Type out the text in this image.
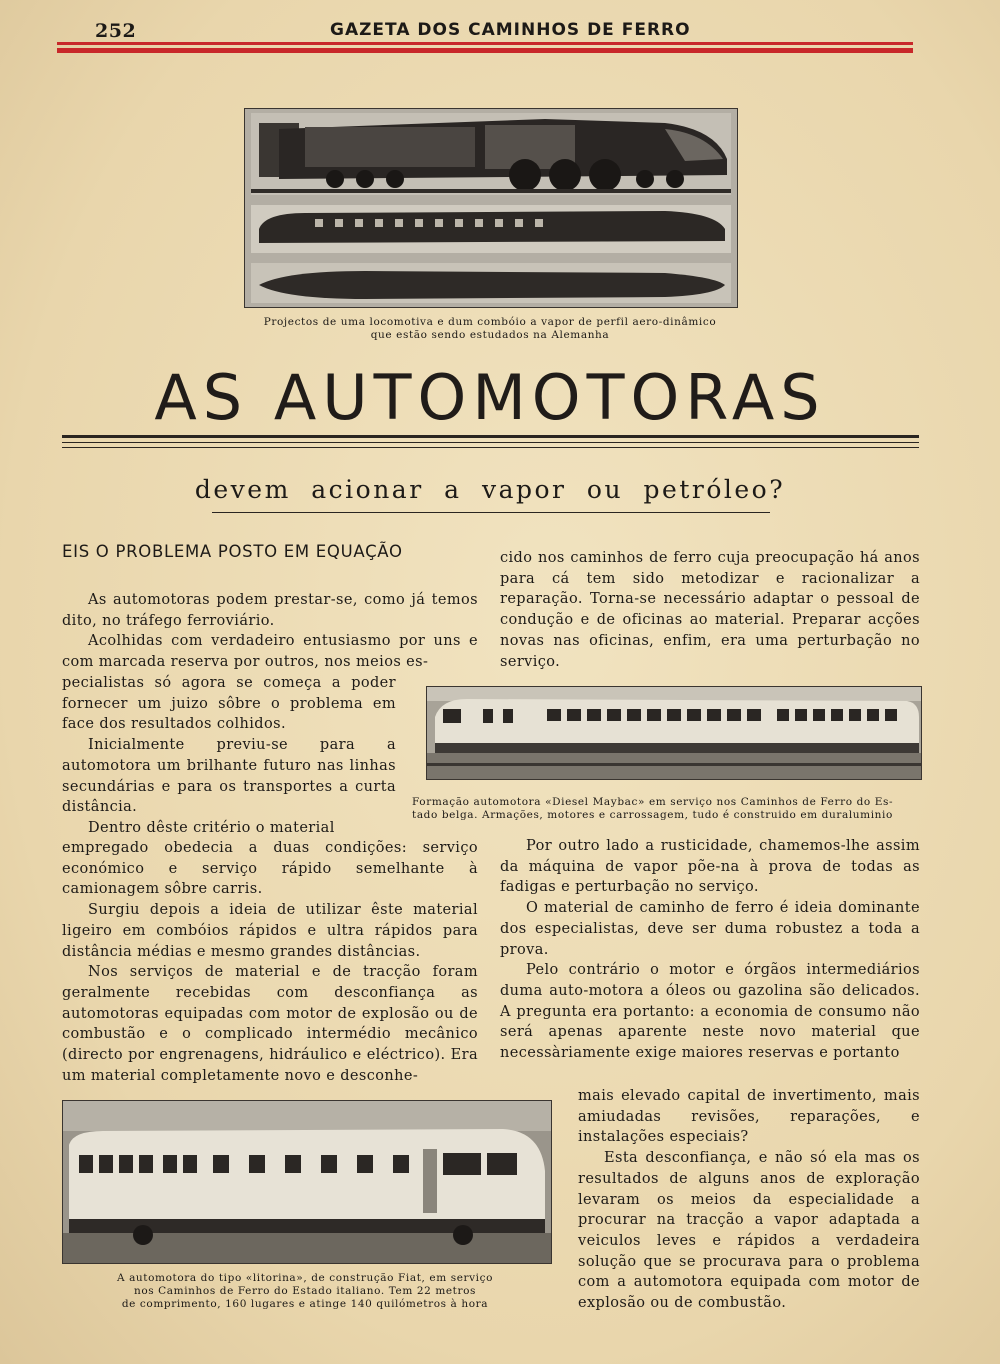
252	GAZETA DOS CAMINHOS DE FERRO
Projectos de uma locomotiva e dum combóio a vapor de perfil aero-dinâmico
que estão sendo estudados na Alemanha
AS AUTOMOTORAS
devem acionar a vapor ou petróleo?
EIS O PROBLEMA POSTO EM EQUAÇÃO

As automotoras podem prestar-se, como já temos dito, no tráfego ferroviário.

Acolhidas com verdadeiro entusiasmo por uns e com marcada reserva por outros, nos meios es-

pecialistas só agora se começa a poder fornecer um juizo sôbre o problema em face dos resultados colhidos.

Inicialmente previu-se para a automotora um brilhante futuro nas linhas secundárias e para os transportes a curta distância.

Dentro dêste critério o material

empregado obedecia a duas condições: serviço económico e serviço rápido semelhante à camionagem sôbre carris.

Surgiu depois a ideia de utilizar êste material ligeiro em combóios rápidos e ultra rápidos para distância médias e mesmo grandes distâncias.

Nos serviços de material e de tracção foram geralmente recebidas com desconfiança as automotoras equipadas com motor de explosão ou de combustão e o complicado intermédio mecânico (directo por engrenagens, hidráulico e eléctrico). Era um material completamente novo e desconhe-

cido nos caminhos de ferro cuja preocupação há anos para cá tem sido metodizar e racionalizar a reparação. Torna-se necessário adaptar o pessoal de condução e de oficinas ao material. Preparar acções novas nas oficinas, enfim, era uma perturbação no serviço.

Formação automotora «Diesel Maybac» em serviço nos Caminhos de Ferro do Es-
tado belga. Armações, motores e carrossagem, tudo é construido em duraluminio

Por outro lado a rusticidade, chamemos-lhe assim da máquina de vapor põe-na à prova de todas as fadigas e perturbação no serviço.

O material de caminho de ferro é ideia dominante dos especialistas, deve ser duma robustez a toda a prova.

Pelo contrário o motor e órgãos intermediários duma auto-motora a óleos ou gazolina são delicados. A pregunta era portanto: a economia de consumo não será apenas aparente neste novo material que necessàriamente exige maiores reservas e portanto

mais elevado capital de invertimento, mais amiudadas revisões, reparações, e instalações especiais?

Esta desconfiança, e não só ela mas os resultados de alguns anos de exploração levaram os meios da especialidade a procurar na tracção a vapor adaptada a veiculos leves e rápidos a verdadeira solução que se procurava para o problema com a automotora equipada com motor de explosão ou de combustão.

A automotora do tipo «litorina», de construção Fiat, em serviço
nos Caminhos de Ferro do Estado italiano. Tem 22 metros
de comprimento, 160 lugares e atinge 140 quilómetros à hora
